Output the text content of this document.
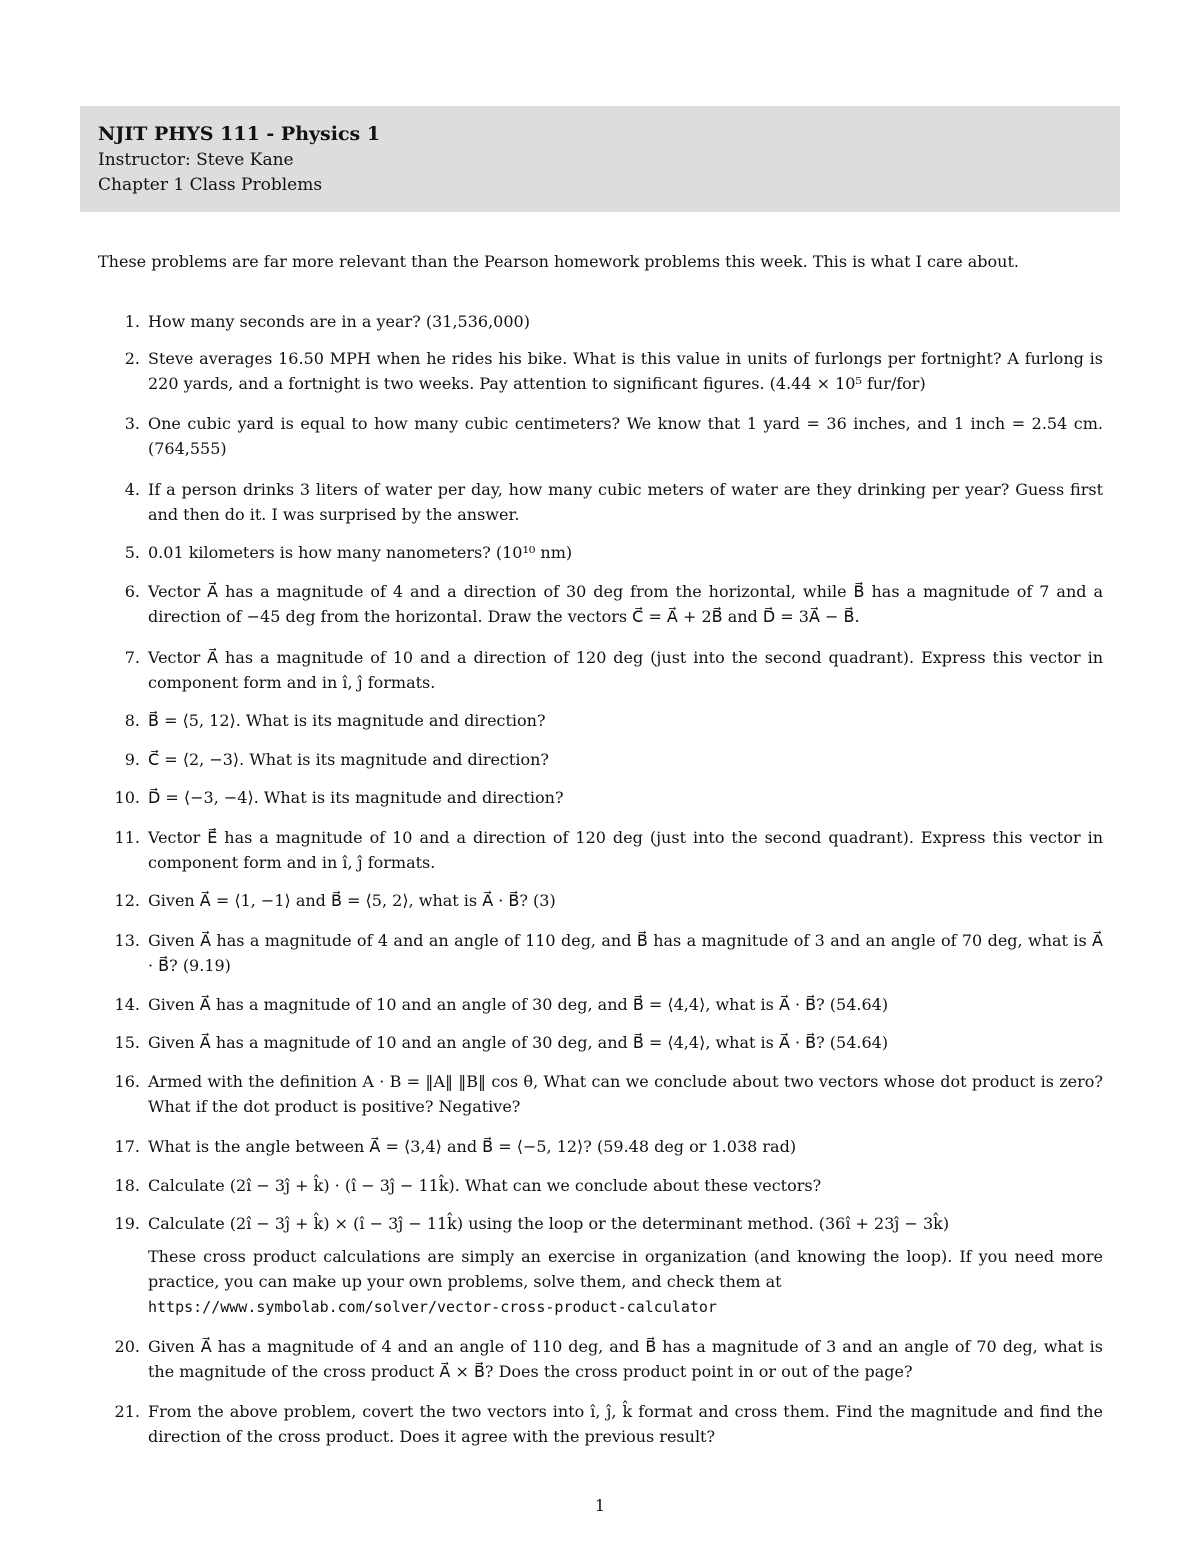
NJIT PHYS 111 - Physics 1
Instructor: Steve Kane
Chapter 1 Class Problems
These problems are far more relevant than the Pearson homework problems this week. This is what I care about.
1. How many seconds are in a year? (31,536,000)
2. Steve averages 16.50 MPH when he rides his bike. What is this value in units of furlongs per fortnight? A furlong is 220 yards, and a fortnight is two weeks. Pay attention to significant figures. (4.44 × 10⁵ fur/for)
3. One cubic yard is equal to how many cubic centimeters? We know that 1 yard = 36 inches, and 1 inch = 2.54 cm. (764,555)
4. If a person drinks 3 liters of water per day, how many cubic meters of water are they drinking per year? Guess first and then do it. I was surprised by the answer.
5. 0.01 kilometers is how many nanometers? (10¹⁰ nm)
6. Vector A⃗ has a magnitude of 4 and a direction of 30 deg from the horizontal, while B⃗ has a magnitude of 7 and a direction of −45 deg from the horizontal. Draw the vectors C⃗ = A⃗ + 2B⃗ and D⃗ = 3A⃗ − B⃗.
7. Vector A⃗ has a magnitude of 10 and a direction of 120 deg (just into the second quadrant). Express this vector in component form and in î, ĵ formats.
8. B⃗ = ⟨5, 12⟩. What is its magnitude and direction?
9. C⃗ = ⟨2, −3⟩. What is its magnitude and direction?
10. D⃗ = ⟨−3, −4⟩. What is its magnitude and direction?
11. Vector E⃗ has a magnitude of 10 and a direction of 120 deg (just into the second quadrant). Express this vector in component form and in î, ĵ formats.
12. Given A⃗ = ⟨1, −1⟩ and B⃗ = ⟨5, 2⟩, what is A⃗ · B⃗? (3)
13. Given A⃗ has a magnitude of 4 and an angle of 110 deg, and B⃗ has a magnitude of 3 and an angle of 70 deg, what is A⃗ · B⃗? (9.19)
14. Given A⃗ has a magnitude of 10 and an angle of 30 deg, and B⃗ = ⟨4,4⟩, what is A⃗ · B⃗? (54.64)
15. Given A⃗ has a magnitude of 10 and an angle of 30 deg, and B⃗ = ⟨4,4⟩, what is A⃗ · B⃗? (54.64)
16. Armed with the definition A · B = ‖A‖ ‖B‖ cos θ, What can we conclude about two vectors whose dot product is zero? What if the dot product is positive? Negative?
17. What is the angle between A⃗ = ⟨3,4⟩ and B⃗ = ⟨−5, 12⟩? (59.48 deg or 1.038 rad)
18. Calculate (2î − 3ĵ + k̂) · (î − 3ĵ − 11k̂). What can we conclude about these vectors?
19. Calculate (2î − 3ĵ + k̂) × (î − 3ĵ − 11k̂) using the loop or the determinant method. (36î + 23ĵ − 3k̂)
These cross product calculations are simply an exercise in organization (and knowing the loop). If you need more practice, you can make up your own problems, solve them, and check them at
https://www.symbolab.com/solver/vector-cross-product-calculator
20. Given A⃗ has a magnitude of 4 and an angle of 110 deg, and B⃗ has a magnitude of 3 and an angle of 70 deg, what is the magnitude of the cross product A⃗ × B⃗? Does the cross product point in or out of the page?
21. From the above problem, covert the two vectors into î, ĵ, k̂ format and cross them. Find the magnitude and find the direction of the cross product. Does it agree with the previous result?
1
